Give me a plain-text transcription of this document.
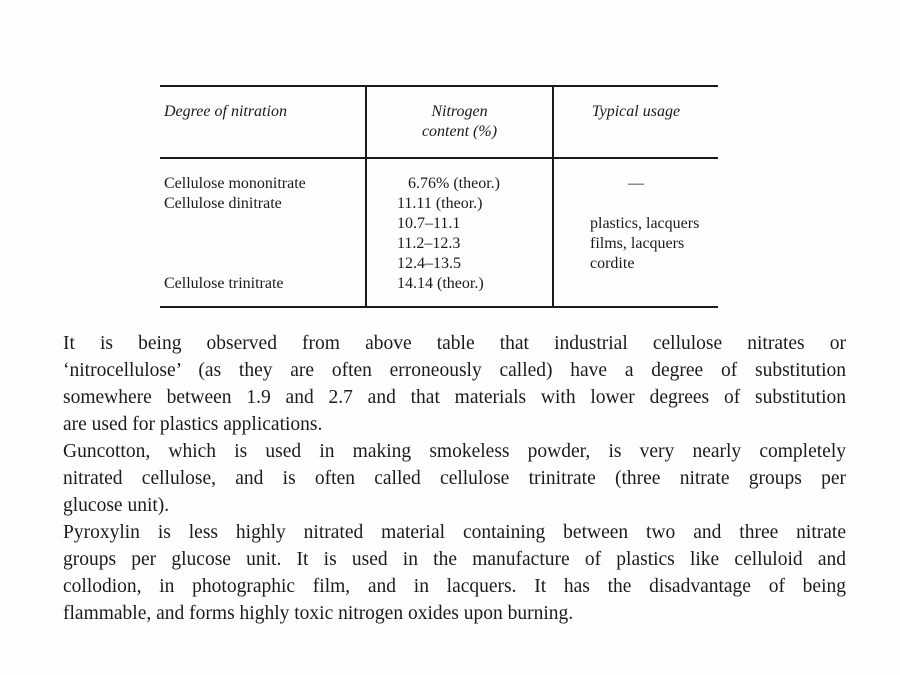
Degree of nitration	Nitrogen
content (%)
Typical usage
Cellulose mononitrate
Cellulose dinitrate
Cellulose trinitrate
6.76% (theor.)
11.11 (theor.)
10.7–11.1
11.2–12.3
12.4–13.5
14.14 (theor.)
—
plastics, lacquers
films, lacquers
cordite
It is being observed from above table that industrial cellulose nitrates or
‘nitrocellulose’ (as they are often erroneously called) have a degree of substitution
somewhere between 1.9 and 2.7 and that materials with lower degrees of substitution
are used for plastics applications.
Guncotton, which is used in making smokeless powder, is very nearly completely
nitrated cellulose, and is often called cellulose trinitrate (three nitrate groups per
glucose unit).
Pyroxylin is less highly nitrated material containing between two and three nitrate
groups per glucose unit. It is used in the manufacture of plastics like celluloid and
collodion, in photographic film, and in lacquers. It has the disadvantage of being
flammable, and forms highly toxic nitrogen oxides upon burning.
